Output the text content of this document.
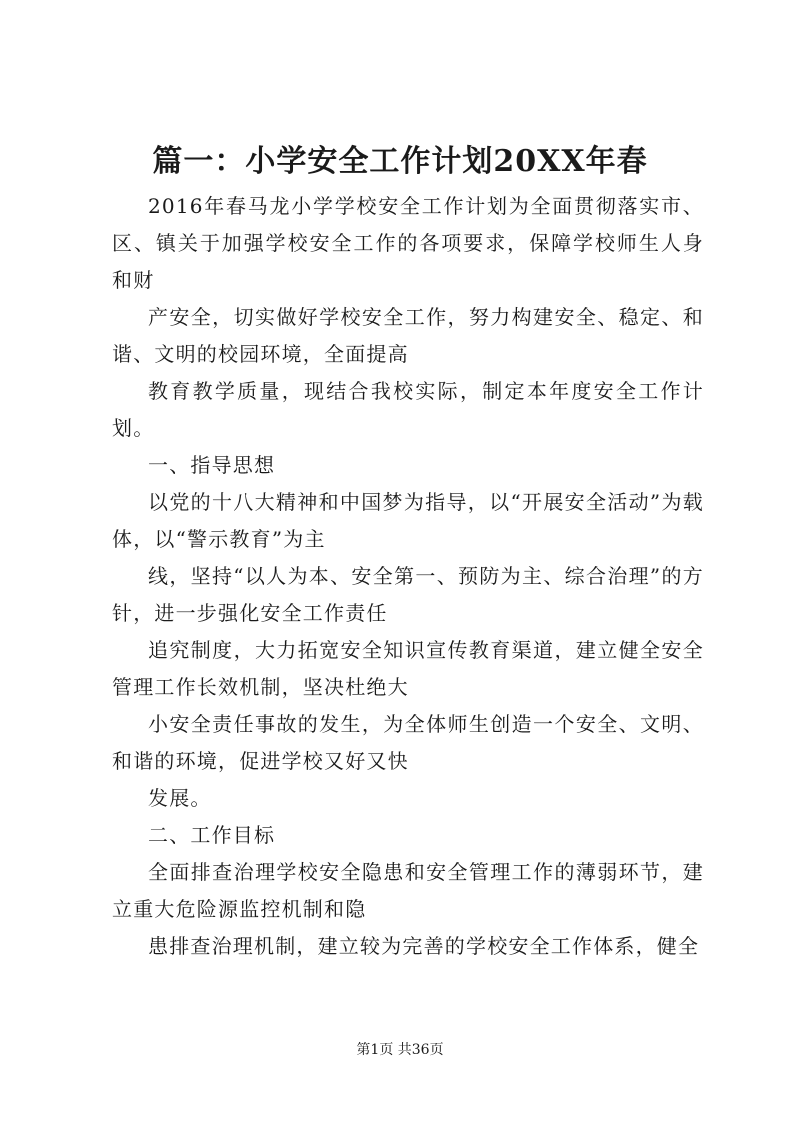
篇一：小学安全工作计划20XX年春

2016年春马龙小学学校安全工作计划为全面贯彻落实市、区、镇关于加强学校安全工作的各项要求，保障学校师生人身和财

产安全，切实做好学校安全工作，努力构建安全、稳定、和谐、文明的校园环境，全面提高

教育教学质量，现结合我校实际，制定本年度安全工作计划。

一、指导思想

以党的十八大精神和中国梦为指导，以“开展安全活动”为载体，以“警示教育”为主

线，坚持“以人为本、安全第一、预防为主、综合治理”的方针，进一步强化安全工作责任

追究制度，大力拓宽安全知识宣传教育渠道，建立健全安全管理工作长效机制，坚决杜绝大

小安全责任事故的发生，为全体师生创造一个安全、文明、和谐的环境，促进学校又好又快

发展。

二、工作目标

全面排查治理学校安全隐患和安全管理工作的薄弱环节，建立重大危险源监控机制和隐

患排查治理机制，建立较为完善的学校安全工作体系，健全

第1页 共36页
